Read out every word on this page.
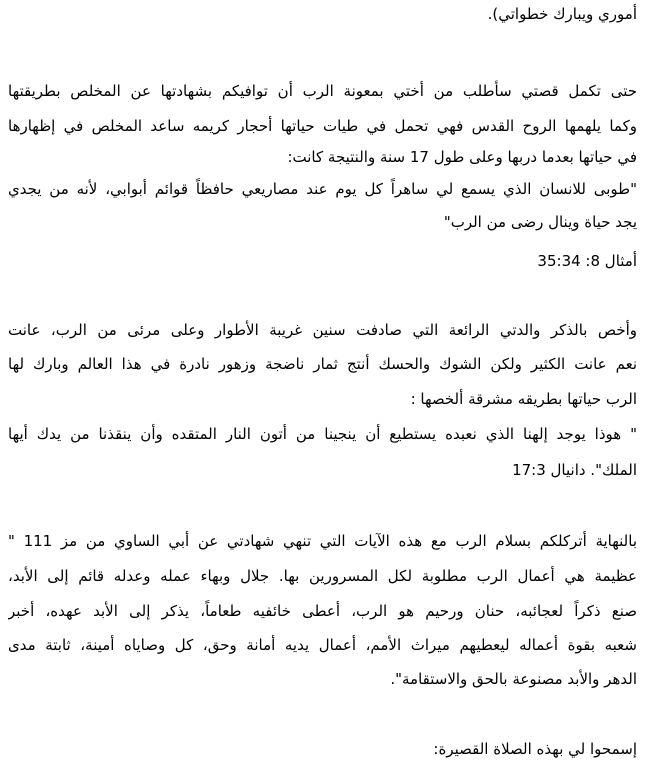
أموري ويبارك خطواتي).
حتى تكمل قصتي سأطلب من أختي بمعونة الرب أن توافيكم بشهادتها عن المخلص بطريقتها
وكما يلهمها الروح القدس فهي تحمل في طيات حياتها أحجار كريمه ساعد المخلص في إظهارها
في حياتها بعدما دربها وعلى طول 17 سنة والنتيجة كانت:
"طوبى للانسان الذي يسمع لي ساهراً كل يوم عند مصاريعي حافظاً قوائم أبوابي، لأنه من يجدي
يجد حياة وينال رضى من الرب"
أمثال 8: 35:34
وأخص بالذكر والدتي الرائعة التي صادفت سنين غريبة الأطوار وعلى مرئى من الرب، عانت
نعم عانت الكثير ولكن الشوك والحسك أنتج ثمار ناضجة وزهور نادرة في هذا العالم وبارك لها
الرب حياتها بطريقه مشرقة ألخصها :
" هوذا يوجد إلهنا الذي نعبده يستطيع أن ينجينا من أتون النار المتقده وأن ينقذنا من يدك أيها
الملك". دانيال 17:3
بالنهاية أتركلكم بسلام الرب مع هذه الآيات التي تنهي شهادتي عن أبي الساوي من مز 111 "
عظيمة هي أعمال الرب مطلوبة لكل المسرورين بها. جلال وبهاء عمله وعدله قائم إلى الأبد،
صنع ذكراً لعجائبه، حنان ورحيم هو الرب، أعطى خائفيه طعاماً، يذكر إلى الأبد عهده، أخبر
شعبه بقوة أعماله ليعطيهم ميراث الأمم، أعمال يديه أمانة وحق، كل وصاياه أمينة، ثابتة مدى
الدهر والأبد مصنوعة بالحق والاستقامة".
إسمحوا لي بهذه الصلاة القصيرة:
